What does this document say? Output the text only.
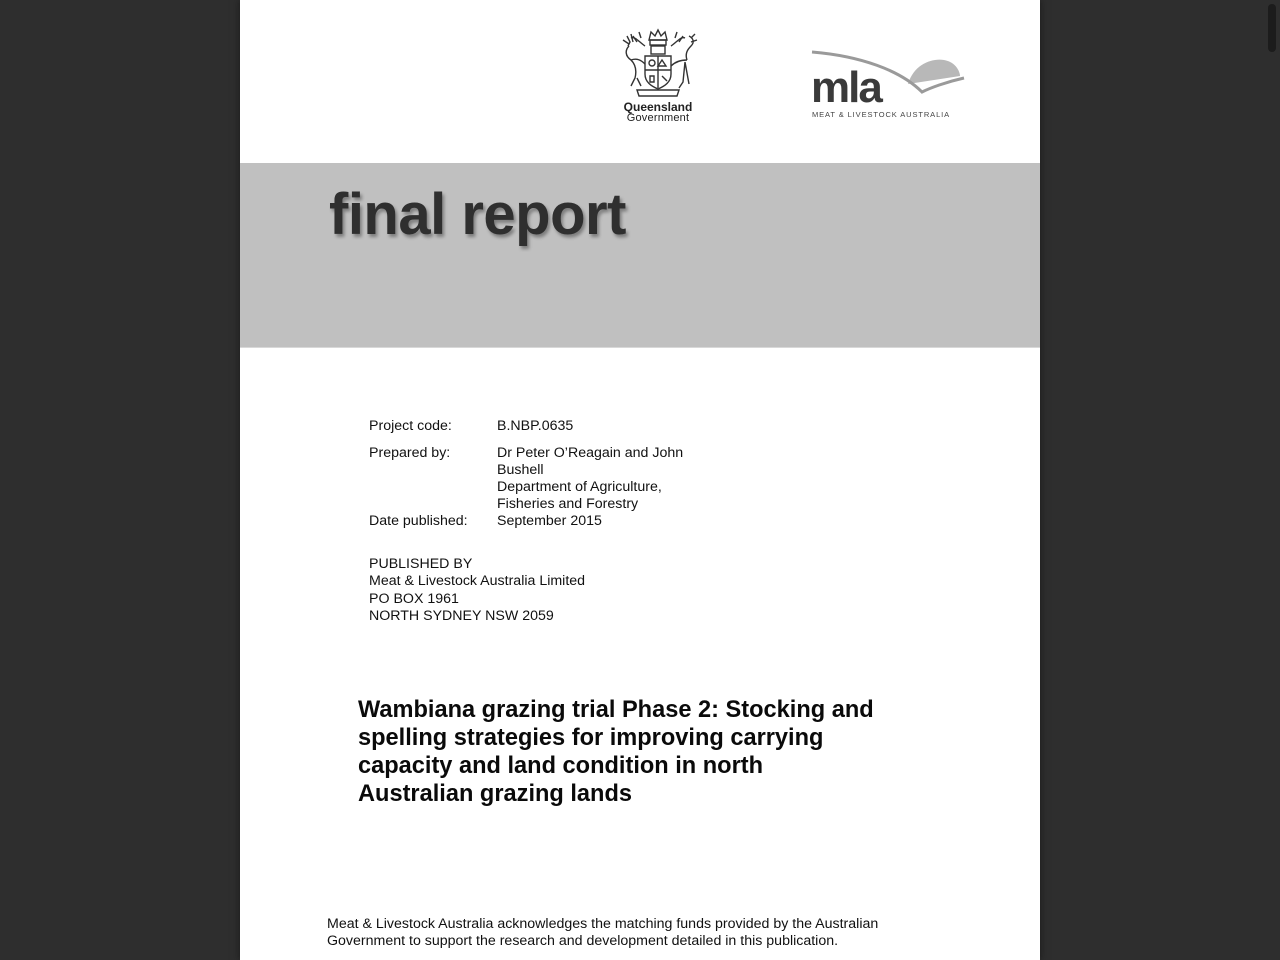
Queensland
Government
mla
MEAT & LIVESTOCK AUSTRALIA
final report
Project code:	B.NBP.0635
Prepared by:	Dr Peter O’Reagain and John
Bushell
Department of Agriculture,
Fisheries and Forestry
Date published:	September 2015
PUBLISHED BY
Meat & Livestock Australia Limited
PO BOX 1961
NORTH SYDNEY NSW 2059
Wambiana grazing trial Phase 2: Stocking and
spelling strategies for improving carrying
capacity and land condition in north
Australian grazing lands
Meat & Livestock Australia acknowledges the matching funds provided by the Australian
Government to support the research and development detailed in this publication.
